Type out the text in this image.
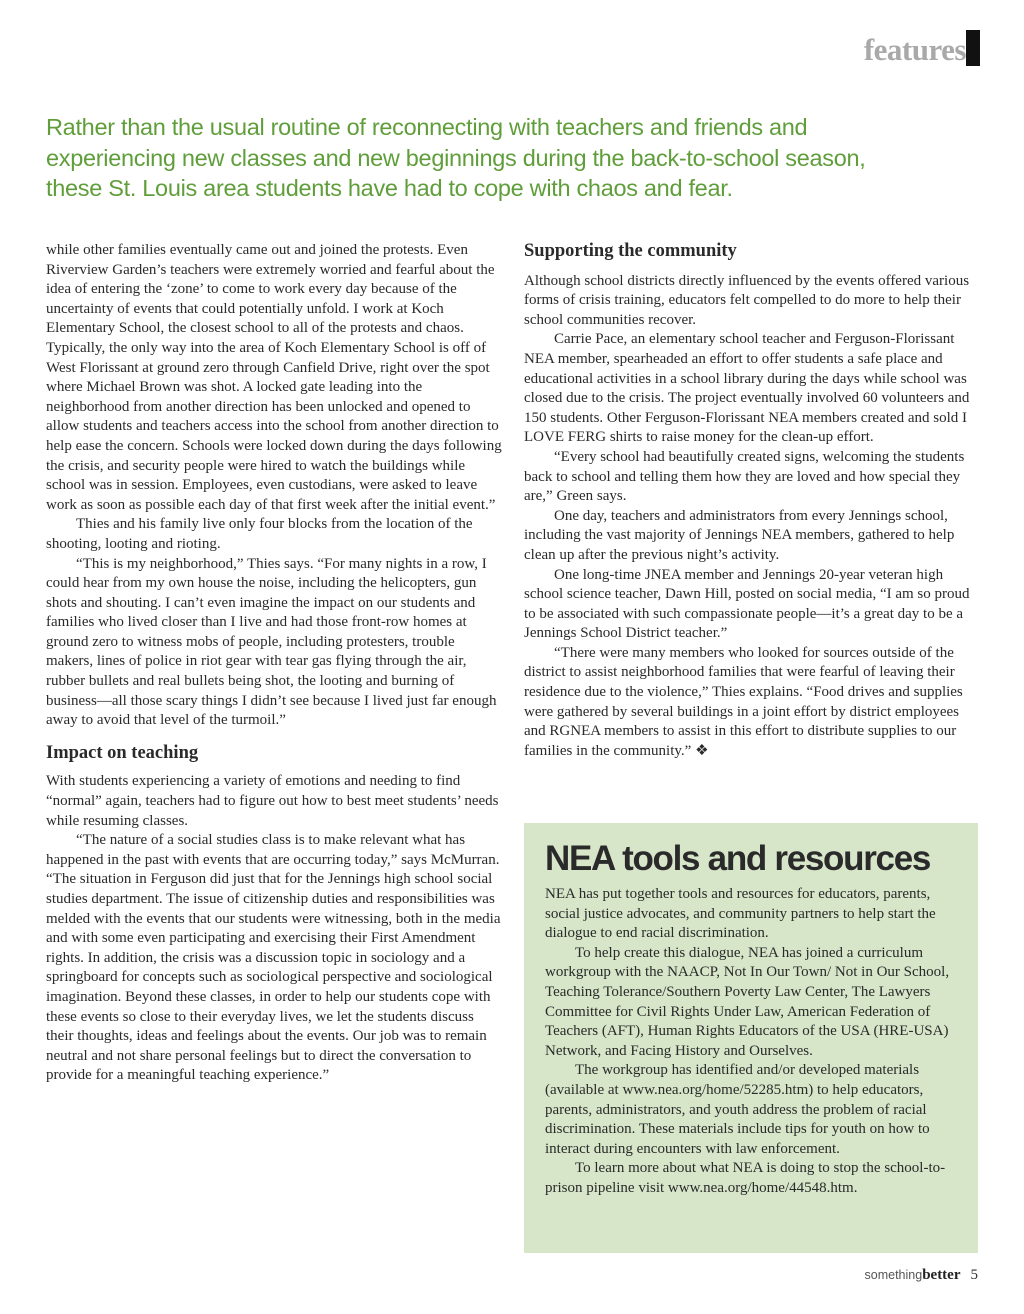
features

Rather than the usual routine of reconnecting with teachers and friends and

experiencing new classes and new beginnings during the back-to-school season,

these St. Louis area students have had to cope with chaos and fear.

while other families eventually came out and joined the protests. Even Riverview Garden’s teachers were extremely worried and fearful about the idea of entering the ‘zone’ to come to work every day because of the uncertainty of events that could potentially unfold. I work at Koch Elementary School, the closest school to all of the protests and chaos. Typically, the only way into the area of Koch Elementary School is off of West Florissant at ground zero through Canfield Drive, right over the spot where Michael Brown was shot. A locked gate leading into the neighborhood from another direction has been unlocked and opened to allow students and teachers access into the school from another direction to help ease the concern. Schools were locked down during the days following the crisis, and security people were hired to watch the buildings while school was in session. Employees, even custodians, were asked to leave work as soon as possible each day of that first week after the initial event.”

Thies and his family live only four blocks from the location of the shooting, looting and rioting.

“This is my neighborhood,” Thies says. “For many nights in a row, I could hear from my own house the noise, including the helicopters, gun shots and shouting. I can’t even imagine the impact on our students and families who lived closer than I live and had those front-row homes at ground zero to witness mobs of people, including protesters, trouble makers, lines of police in riot gear with tear gas flying through the air, rubber bullets and real bullets being shot, the looting and burning of business—all those scary things I didn’t see because I lived just far enough away to avoid that level of the turmoil.”

Impact on teaching

With students experiencing a variety of emotions and needing to find “normal” again, teachers had to figure out how to best meet students’ needs while resuming classes.

“The nature of a social studies class is to make relevant what has happened in the past with events that are occurring today,” says McMurran. “The situation in Ferguson did just that for the Jennings high school social studies department. The issue of citizenship duties and responsibilities was melded with the events that our students were witnessing, both in the media and with some even participating and exercising their First Amendment rights. In addition, the crisis was a discussion topic in sociology and a springboard for concepts such as sociological perspective and sociological imagination. Beyond these classes, in order to help our students cope with these events so close to their everyday lives, we let the students discuss their thoughts, ideas and feelings about the events. Our job was to remain neutral and not share personal feelings but to direct the conversation to provide for a meaningful teaching experience.”

Supporting the community

Although school districts directly influenced by the events offered various forms of crisis training, educators felt compelled to do more to help their school communities recover.

Carrie Pace, an elementary school teacher and Ferguson-Florissant NEA member, spearheaded an effort to offer students a safe place and educational activities in a school library during the days while school was closed due to the crisis. The project eventually involved 60 volunteers and 150 students. Other Ferguson-Florissant NEA members created and sold I LOVE FERG shirts to raise money for the clean-up effort.

“Every school had beautifully created signs, welcoming the students back to school and telling them how they are loved and how special they are,” Green says.

One day, teachers and administrators from every Jennings school, including the vast majority of Jennings NEA members, gathered to help clean up after the previous night’s activity.

One long-time JNEA member and Jennings 20-year veteran high school science teacher, Dawn Hill, posted on social media, “I am so proud to be associated with such compassionate people—it’s a great day to be a Jennings School District teacher.”

“There were many members who looked for sources outside of the district to assist neighborhood families that were fearful of leaving their residence due to the violence,” Thies explains. “Food drives and supplies were gathered by several buildings in a joint effort by district employees and RGNEA members to assist in this effort to distribute supplies to our families in the community.” ❖

NEA tools and resources

NEA has put together tools and resources for educators, parents, social justice advocates, and community partners to help start the dialogue to end racial discrimination.

To help create this dialogue, NEA has joined a curriculum workgroup with the NAACP, Not In Our Town/ Not in Our School, Teaching Tolerance/Southern Poverty Law Center, The Lawyers Committee for Civil Rights Under Law, American Federation of Teachers (AFT), Human Rights Educators of the USA (HRE-USA) Network, and Facing History and Ourselves.

The workgroup has identified and/or developed materials (available at www.nea.org/home/52285.htm) to help educators, parents, administrators, and youth address the problem of racial discrimination. These materials include tips for youth on how to interact during encounters with law enforcement.

To learn more about what NEA is doing to stop the school-to-prison pipeline visit www.nea.org/home/44548.htm.

somethingbetter 5
